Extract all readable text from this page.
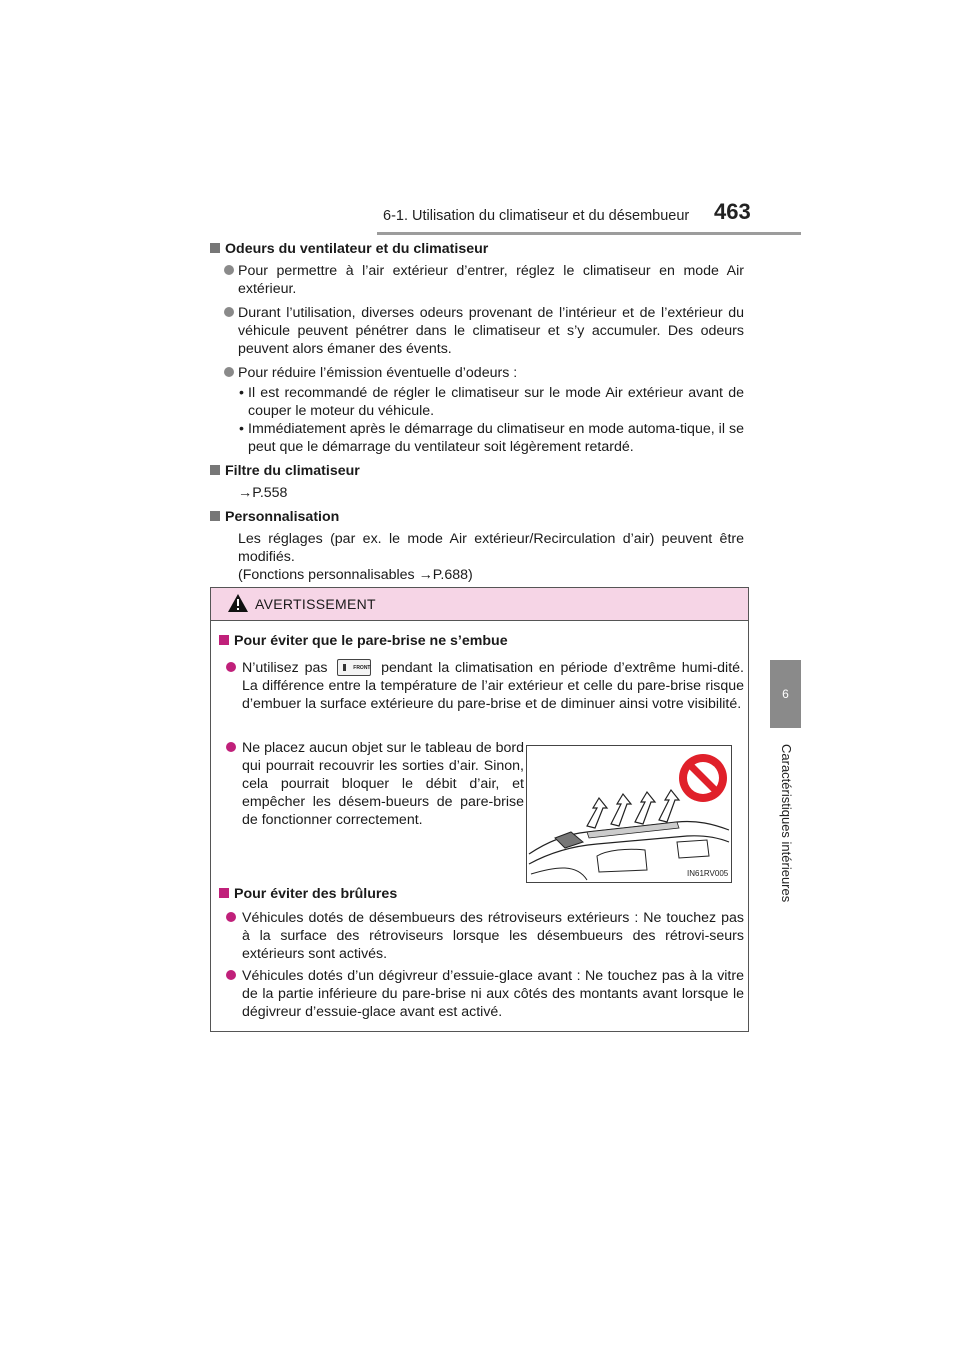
6-1. Utilisation du climatiseur et du désembueur 463
6
Caractéristiques intérieures
Odeurs du ventilateur et du climatiseur
Pour permettre à l’air extérieur d’entrer, réglez le climatiseur en mode Air extérieur.
Durant l’utilisation, diverses odeurs provenant de l’intérieur et de l’extérieur du véhicule peuvent pénétrer dans le climatiseur et s’y accumuler. Des odeurs peuvent alors émaner des évents.
Pour réduire l’émission éventuelle d’odeurs :
• Il est recommandé de régler le climatiseur sur le mode Air extérieur avant de couper le moteur du véhicule.
• Immédiatement après le démarrage du climatiseur en mode automa-tique, il se peut que le démarrage du ventilateur soit légèrement retardé.
Filtre du climatiseur
→P.558
Personnalisation
Les réglages (par ex. le mode Air extérieur/Recirculation d’air) peuvent être modifiés.
(Fonctions personnalisables →P.688)
AVERTISSEMENT
Pour éviter que le pare-brise ne s’embue
N’utilisez pas	FRONT pendant la climatisation en période d’extrême humi-dité. La différence entre la température de l’air extérieur et celle du pare-brise risque d’embuer la surface extérieure du pare-brise et de diminuer ainsi votre visibilité.
Ne placez aucun objet sur le tableau de bord qui pourrait recouvrir les sorties d’air. Sinon, cela pourrait bloquer le débit d’air, et empêcher les désem-bueurs de pare-brise de fonctionner correctement.
Pour éviter des brûlures
Véhicules dotés de désembueurs des rétroviseurs extérieurs : Ne touchez pas à la surface des rétroviseurs lorsque les désembueurs des rétrovi-seurs extérieurs sont activés.
Véhicules dotés d’un dégivreur d’essuie-glace avant : Ne touchez pas à la vitre de la partie inférieure du pare-brise ni aux côtés des montants avant lorsque le dégivreur d’essuie-glace avant est activé.
IN61RV005
